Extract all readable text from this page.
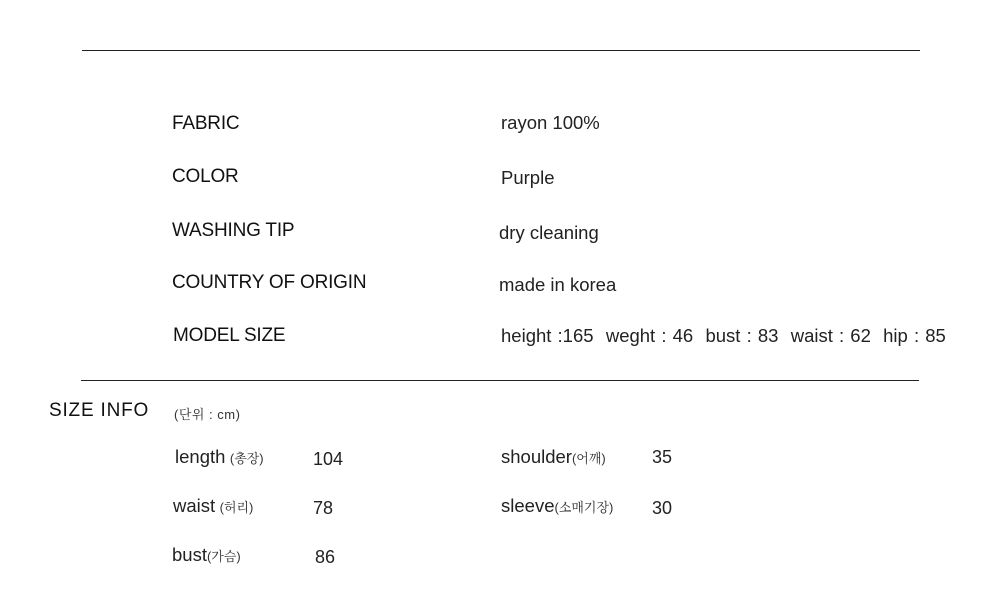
FABRIC	rayon 100%
COLOR	Purple
WASHING TIP	dry cleaning
COUNTRY OF ORIGIN	made in korea
MODEL SIZE	height :165  weght : 46  bust : 83  waist : 62  hip : 85
SIZE INFO (단위 : cm)
length (총장)	104	shoulder(어깨)	35
waist (허리)	78	sleeve(소매기장) 30
bust(가슴)	86
